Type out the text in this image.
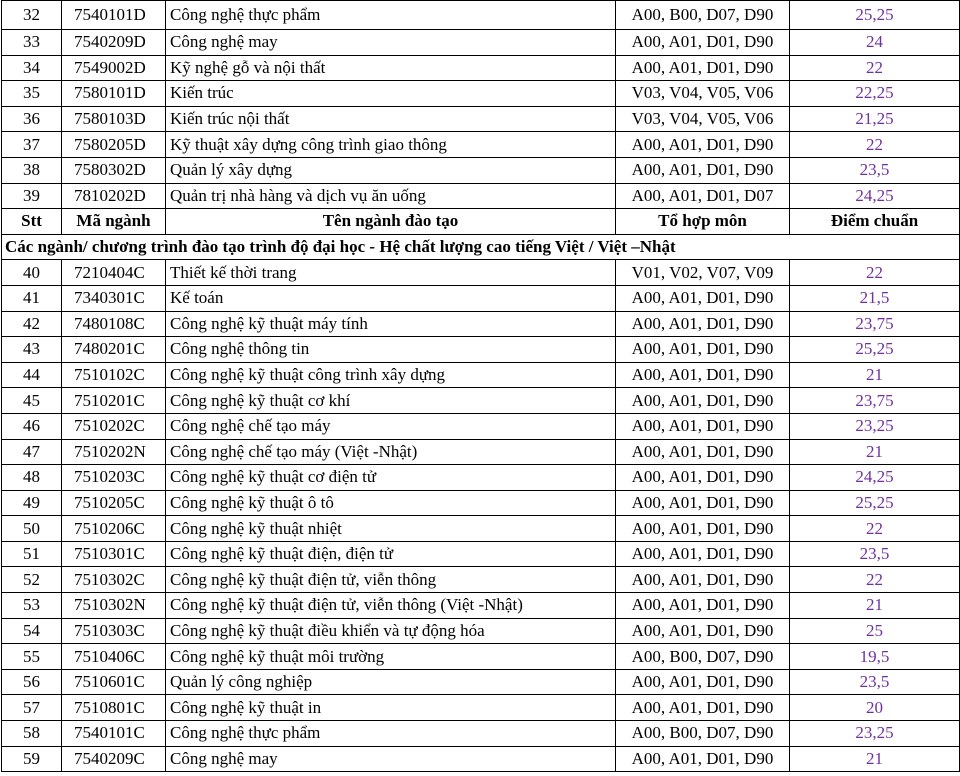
32	7540101D	Công nghệ thực phẩm	A00, B00, D07, D90	25,25
33	7540209D	Công nghệ may	A00, A01, D01, D90	24
34	7549002D	Kỹ nghệ gỗ và nội thất	A00, A01, D01, D90	22
35	7580101D	Kiến trúc	V03, V04, V05, V06	22,25
36	7580103D	Kiến trúc nội thất	V03, V04, V05, V06	21,25
37	7580205D	Kỹ thuật xây dựng công trình giao thông	A00, A01, D01, D90	22
38	7580302D	Quản lý xây dựng	A00, A01, D01, D90	23,5
39	7810202D	Quản trị nhà hàng và dịch vụ ăn uống	A00, A01, D01, D07	24,25
Stt	Mã ngành	Tên ngành đào tạo	Tổ hợp môn	Điểm chuẩn
Các ngành/ chương trình đào tạo trình độ đại học - Hệ chất lượng cao tiếng Việt / Việt –Nhật				
40	7210404C	Thiết kế thời trang	V01, V02, V07, V09	22
41	7340301C	Kế toán	A00, A01, D01, D90	21,5
42	7480108C	Công nghệ kỹ thuật máy tính	A00, A01, D01, D90	23,75
43	7480201C	Công nghệ thông tin	A00, A01, D01, D90	25,25
44	7510102C	Công nghệ kỹ thuật công trình xây dựng	A00, A01, D01, D90	21
45	7510201C	Công nghệ kỹ thuật cơ khí	A00, A01, D01, D90	23,75
46	7510202C	Công nghệ chế tạo máy	A00, A01, D01, D90	23,25
47	7510202N	Công nghệ chế tạo máy (Việt -Nhật)	A00, A01, D01, D90	21
48	7510203C	Công nghệ kỹ thuật cơ điện tử	A00, A01, D01, D90	24,25
49	7510205C	Công nghệ kỹ thuật ô tô	A00, A01, D01, D90	25,25
50	7510206C	Công nghệ kỹ thuật nhiệt	A00, A01, D01, D90	22
51	7510301C	Công nghệ kỹ thuật điện, điện tử	A00, A01, D01, D90	23,5
52	7510302C	Công nghệ kỹ thuật điện tử, viễn thông	A00, A01, D01, D90	22
53	7510302N	Công nghệ kỹ thuật điện tử, viễn thông (Việt -Nhật)	A00, A01, D01, D90	21
54	7510303C	Công nghệ kỹ thuật điều khiển và tự động hóa	A00, A01, D01, D90	25
55	7510406C	Công nghệ kỹ thuật môi trường	A00, B00, D07, D90	19,5
56	7510601C	Quản lý công nghiệp	A00, A01, D01, D90	23,5
57	7510801C	Công nghệ kỹ thuật in	A00, A01, D01, D90	20
58	7540101C	Công nghệ thực phẩm	A00, B00, D07, D90	23,25
59	7540209C	Công nghệ may	A00, A01, D01, D90	21
